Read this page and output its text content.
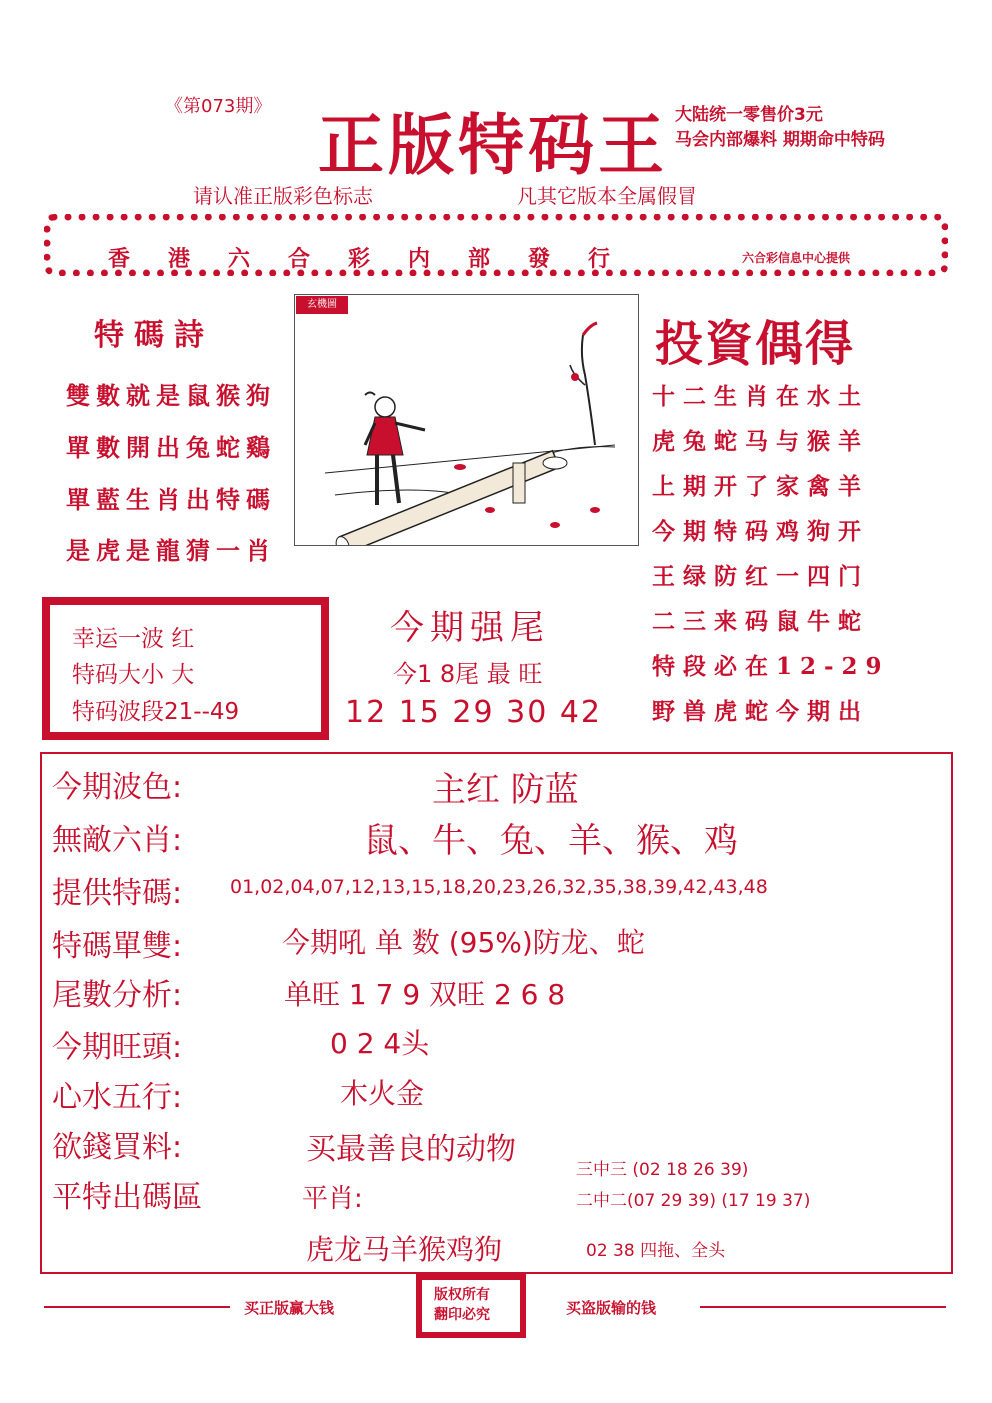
《第073期》 正版特码王 大陆统一零售价3元
马会内部爆料 期期命中特码
请认准正版彩色标志	凡其它版本全属假冒
香港六合彩内部發行	六合彩信息中心提供
特碼詩
雙數就是鼠猴狗
單數開出兔蛇鷄
單藍生肖出特碼
是虎是龍猜一肖
玄機圖
投資偶得
十二生肖在水土
虎兔蛇马与猴羊
上期开了家禽羊
今期特码鸡狗开
王绿防红一四门
二三来码鼠牛蛇
特段必在12-29
野兽虎蛇今期出
幸运一波 红
特码大小 大
特码波段21--49
今期强尾
今1 8尾 最 旺
12 15 29 30 42
今期波色:	主红 防蓝
無敵六肖:	鼠、牛、兔、羊、猴、鸡
提供特碼:	01,02,04,07,12,13,15,18,20,23,26,32,35,38,39,42,43,48
特碼單雙:	今期吼 单 数 (95%)防龙、蛇
尾數分析:	单旺 1 7 9 双旺 2 6 8
今期旺頭:	0 2 4头
心水五行:	木火金
欲錢買料:	买最善良的动物
平特出碼區	平肖:
虎龙马羊猴鸡狗
三中三 (02 18 26 39)
二中二(07 29 39) (17 19 37)
02 38 四拖、全头
买正版赢大钱	买盗版输的钱
版权所有
翻印必究
